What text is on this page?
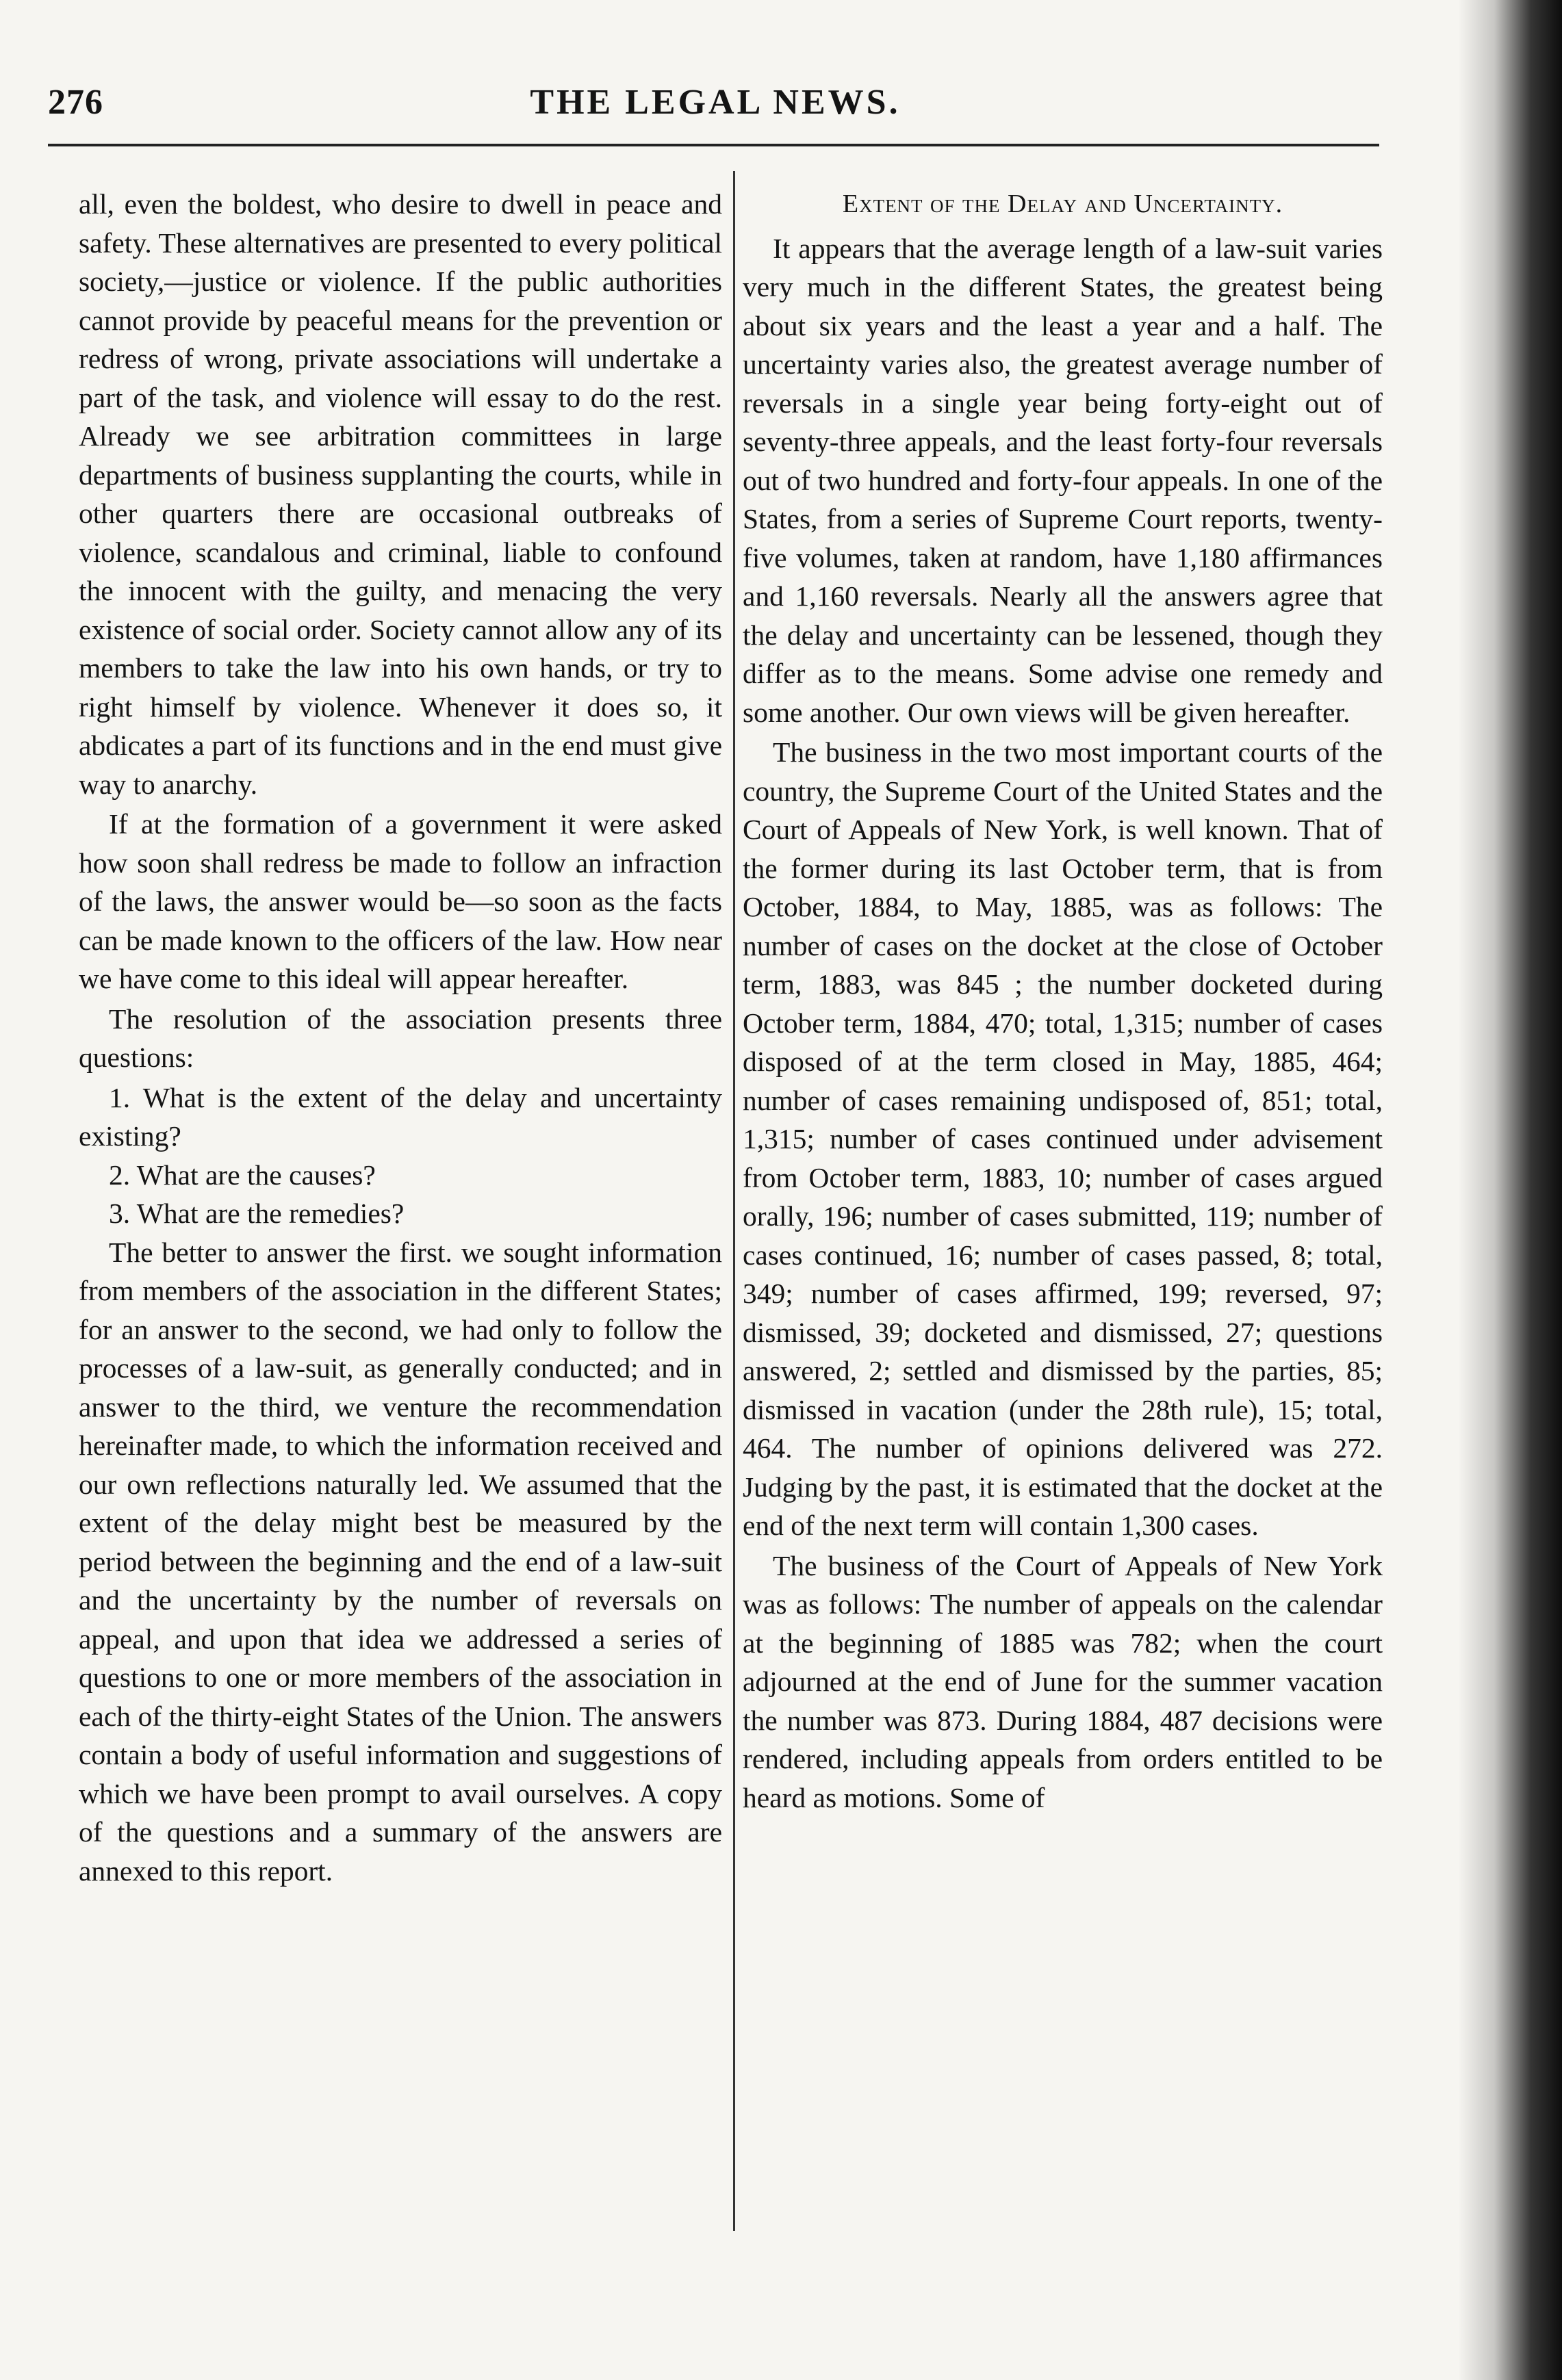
276	THE LEGAL NEWS.

all, even the boldest, who desire to dwell in peace and safety. These alternatives are presented to every political society,—justice or violence. If the public authorities cannot provide by peaceful means for the prevention or redress of wrong, private associations will undertake a part of the task, and violence will essay to do the rest. Already we see arbitration committees in large departments of business supplanting the courts, while in other quarters there are occasional outbreaks of violence, scandalous and criminal, liable to confound the innocent with the guilty, and menacing the very existence of social order. Society cannot allow any of its members to take the law into his own hands, or try to right himself by violence. Whenever it does so, it abdicates a part of its functions and in the end must give way to anarchy.

If at the formation of a government it were asked how soon shall redress be made to follow an infraction of the laws, the answer would be—so soon as the facts can be made known to the officers of the law. How near we have come to this ideal will appear hereafter.

The resolution of the association presents three questions:

1. What is the extent of the delay and uncertainty existing?

2. What are the causes?

3. What are the remedies?

The better to answer the first. we sought information from members of the association in the different States; for an answer to the second, we had only to follow the processes of a law-suit, as generally conducted; and in answer to the third, we venture the recommendation hereinafter made, to which the information received and our own reflections naturally led. We assumed that the extent of the delay might best be measured by the period between the beginning and the end of a law-suit and the uncertainty by the number of reversals on appeal, and upon that idea we addressed a series of questions to one or more members of the association in each of the thirty-eight States of the Union. The answers contain a body of useful information and suggestions of which we have been prompt to avail ourselves. A copy of the questions and a summary of the answers are annexed to this report.

Extent of the Delay and Uncertainty.

It appears that the average length of a law-suit varies very much in the different States, the greatest being about six years and the least a year and a half. The uncertainty varies also, the greatest average number of reversals in a single year being forty-eight out of seventy-three appeals, and the least forty-four reversals out of two hundred and forty-four appeals. In one of the States, from a series of Supreme Court reports, twenty-five volumes, taken at random, have 1,180 affirmances and 1,160 reversals. Nearly all the answers agree that the delay and uncertainty can be lessened, though they differ as to the means. Some advise one remedy and some another. Our own views will be given hereafter.

The business in the two most important courts of the country, the Supreme Court of the United States and the Court of Appeals of New York, is well known. That of the former during its last October term, that is from October, 1884, to May, 1885, was as follows: The number of cases on the docket at the close of October term, 1883, was 845 ; the number docketed during October term, 1884, 470; total, 1,315; number of cases disposed of at the term closed in May, 1885, 464; number of cases remaining undisposed of, 851; total, 1,315; number of cases continued under advisement from October term, 1883, 10; number of cases argued orally, 196; number of cases submitted, 119; number of cases continued, 16; number of cases passed, 8; total, 349; number of cases affirmed, 199; reversed, 97; dismissed, 39; docketed and dismissed, 27; questions answered, 2; settled and dismissed by the parties, 85; dismissed in vacation (under the 28th rule), 15; total, 464. The number of opinions delivered was 272. Judging by the past, it is estimated that the docket at the end of the next term will contain 1,300 cases.

The business of the Court of Appeals of New York was as follows: The number of appeals on the calendar at the beginning of 1885 was 782; when the court adjourned at the end of June for the summer vacation the number was 873. During 1884, 487 decisions were rendered, including appeals from orders entitled to be heard as motions. Some of
